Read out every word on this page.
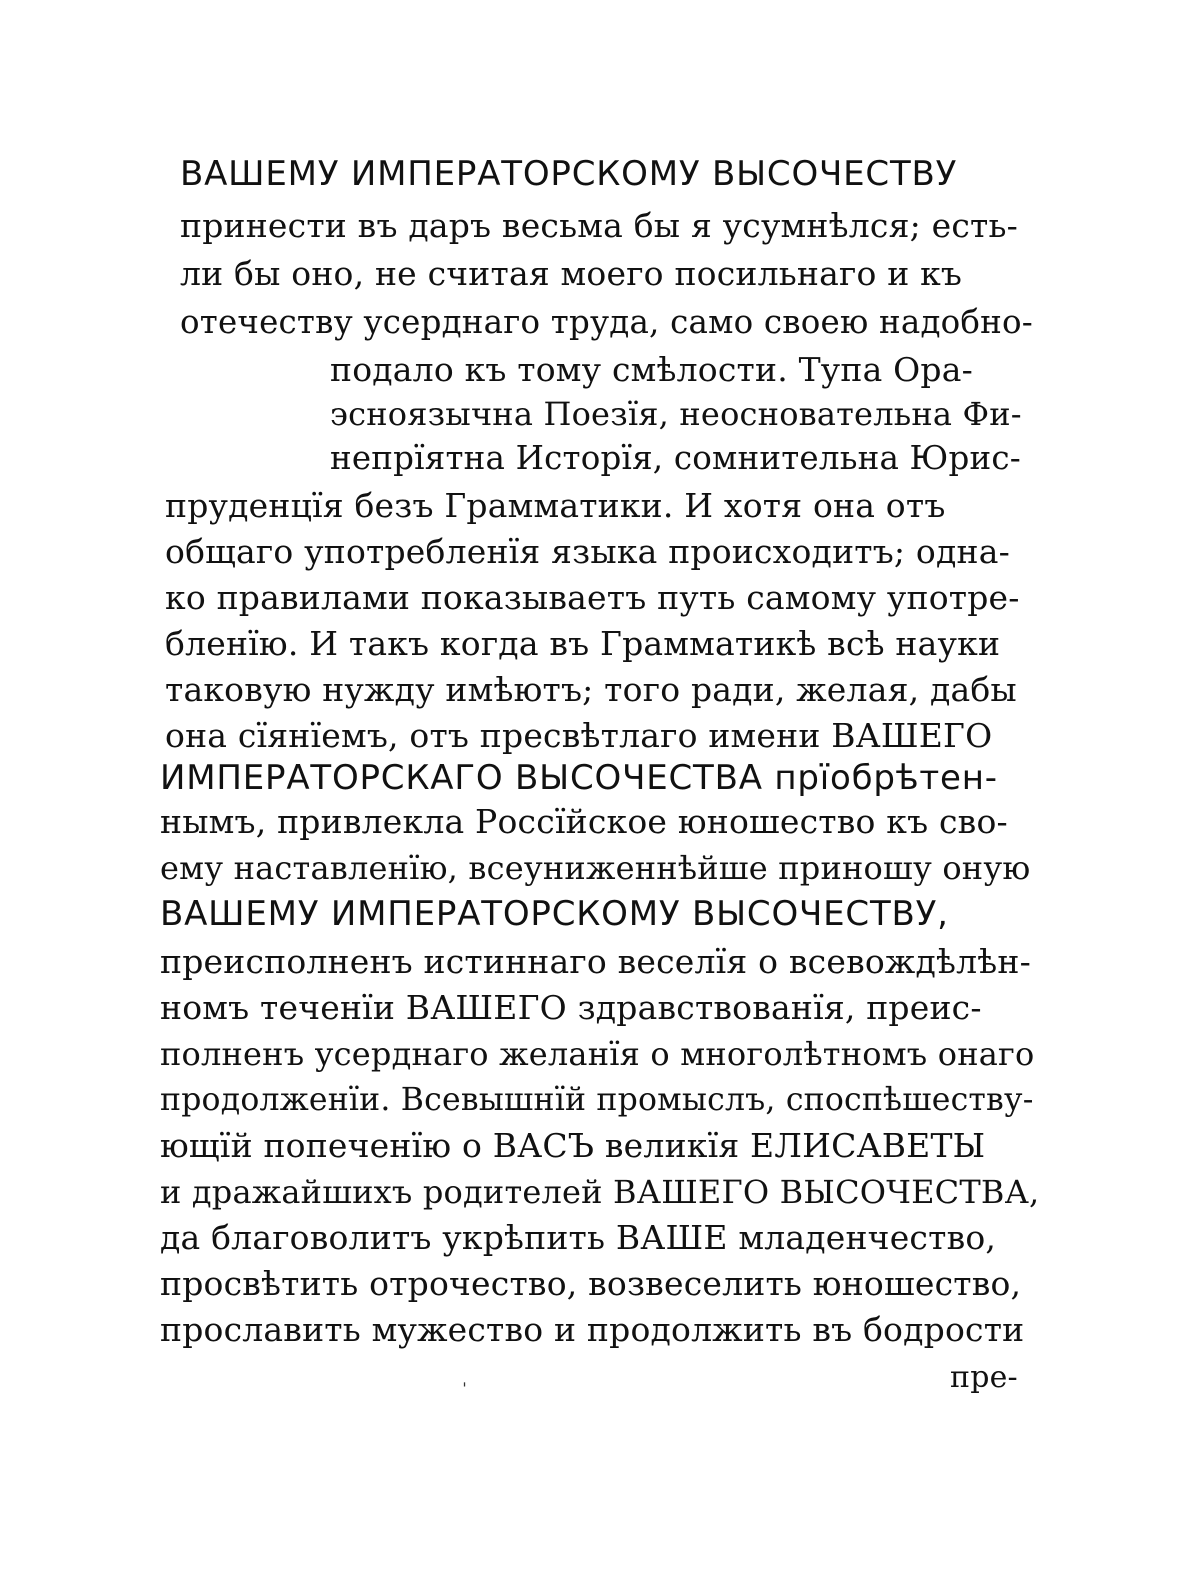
ВАШЕМУ ИМПЕРАТОРСКОМУ ВЫСОЧЕСТВУ
принести въ даръ весьма бы я усумнѣлся; есть-
ли бы оно, не считая моего посильнаго и къ
отечеству усерднаго труда, само своею надобно-
подало къ тому смѣлости. Тупа Ора-
эсноязычна Поезїя, неосновательна Фи-
непрїятна Исторїя, сомнительна Юрис-
пруденцїя безъ Грамматики. И хотя она отъ
общаго употребленїя языка происходитъ; одна-
ко правилами показываетъ путь самому употре-
бленїю. И такъ когда въ Грамматикѣ всѣ науки
таковую нужду имѣютъ; того ради, желая, дабы
она сїянїемъ, отъ пресвѣтлаго имени ВАШЕГО
ИМПЕРАТОРСКАГО ВЫСОЧЕСТВА прїобрѣтен-
нымъ, привлекла Россїйское юношество къ сво-
ему наставленїю, всеуниженнѣйше приношу оную
ВАШЕМУ ИМПЕРАТОРСКОМУ ВЫСОЧЕСТВУ,
преисполненъ истиннаго веселїя о всевождѣлѣн-
номъ теченїи ВАШЕГО здравствованїя, преис-
полненъ усерднаго желанїя о многолѣтномъ онаго
продолженїи. Всевышнїй промыслъ, споспѣшеству-
ющїй попеченїю о ВАСЪ великїя ЕЛИСАВЕТЫ
и дражайшихъ родителей ВАШЕГО ВЫСОЧЕСТВА,
да благоволитъ укрѣпить ВАШЕ младенчество,
просвѣтить отрочество, возвеселить юношество,
прославить мужество и продолжить въ бодрости
пре-
ˈ
